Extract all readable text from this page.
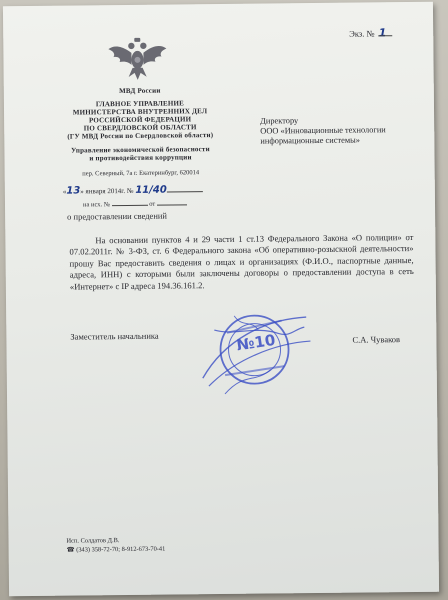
Экз. № 1
МВД России
ГЛАВНОЕ УПРАВЛЕНИЕ
МИНИСТЕРСТВА ВНУТРЕННИХ ДЕЛ
РОССИЙСКОЙ ФЕДЕРАЦИИ
ПО СВЕРДЛОВСКОЙ ОБЛАСТИ
(ГУ МВД России по Свердловской области)
Управление экономической безопасности
и противодействия коррупции
пер. Северный, 7а г. Екатеринбург, 620014
«13» января 2014г. № 11/40
на исх. №	от
о предоставлении сведений
Директору
ООО «Инновационные технологии
информационные системы»
На основании пунктов 4 и 29 части 1 ст.13 Федерального Закона «О полиции» от 07.02.2011г. № 3-ФЗ, ст. 6 Федерального закона «Об оперативно-розыскной деятельности» прошу Вас предоставить сведения о лицах и организациях (Ф.И.О., паспортные данные, адреса, ИНН) с которыми были заключены договоры о предоставлении доступа в сеть «Интернет» с IP адреса 194.36.161.2.
№10
Заместитель начальника	С.А. Чуваков
Исп. Солдатов Д.В.
☎ (343) 358-72-70; 8-912-673-70-41
